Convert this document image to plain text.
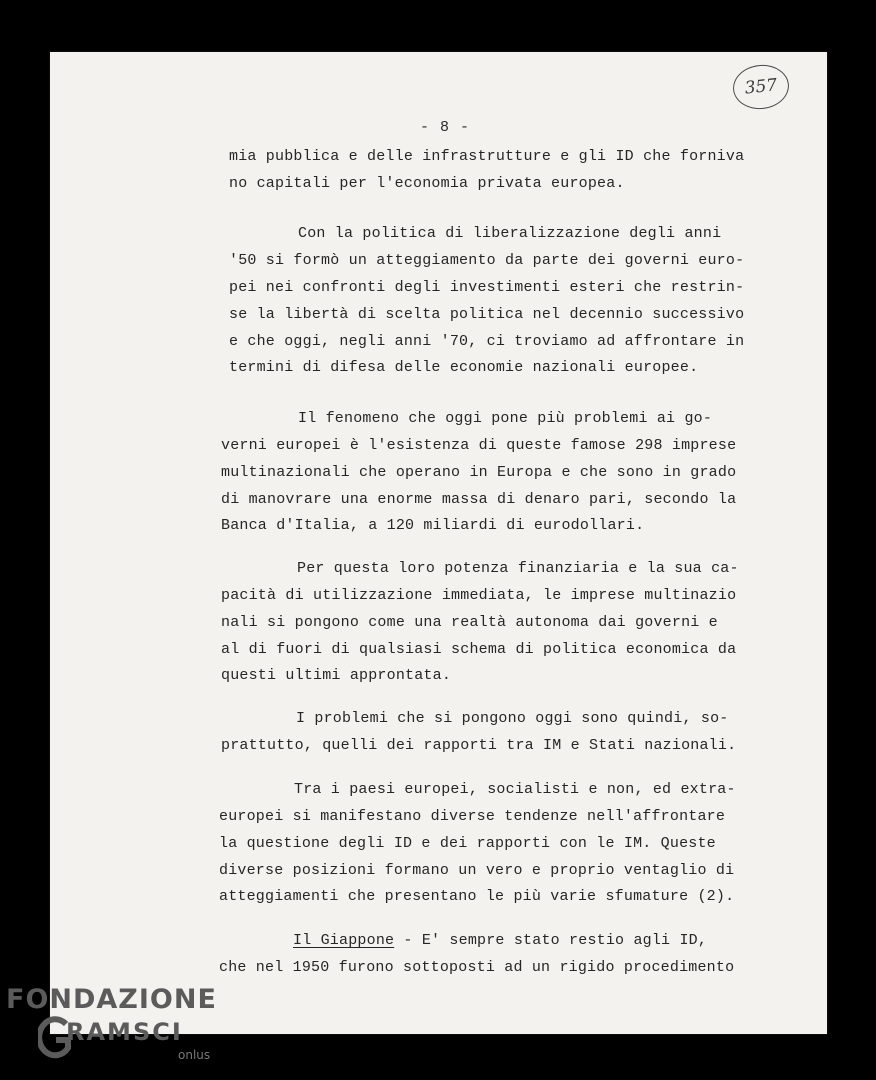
357
- 8 -
mia pubblica e delle infrastrutture e gli ID che forniva
no capitali per l'economia privata europea.
Con la politica di liberalizzazione degli anni
'50 si formò un atteggiamento da parte dei governi euro-
pei nei confronti degli investimenti esteri che restrin-
se la libertà di scelta politica nel decennio successivo
e che oggi, negli anni '70, ci troviamo ad affrontare in
termini di difesa delle economie nazionali europee.
Il fenomeno che oggi pone più problemi ai go-
verni europei è l'esistenza di queste famose 298 imprese
multinazionali che operano in Europa e che sono in grado
di manovrare una enorme massa di denaro pari, secondo la
Banca d'Italia, a 120 miliardi di eurodollari.
Per questa loro potenza finanziaria e la sua ca-
pacità di utilizzazione immediata, le imprese multinazio
nali si pongono come una realtà autonoma dai governi e
al di fuori di qualsiasi schema di politica economica da
questi ultimi approntata.
I problemi che si pongono oggi sono quindi, so-
prattutto, quelli dei rapporti tra IM e Stati nazionali.
Tra i paesi europei, socialisti e non, ed extra-
europei si manifestano diverse tendenze nell'affrontare
la questione degli ID e dei rapporti con le IM. Queste
diverse posizioni formano un vero e proprio ventaglio di
atteggiamenti che presentano le più varie sfumature (2).
Il Giappone - E' sempre stato restio agli ID,
che nel 1950 furono sottoposti ad un rigido procedimento
FONDAZIONE
RAMSCI
onlus
